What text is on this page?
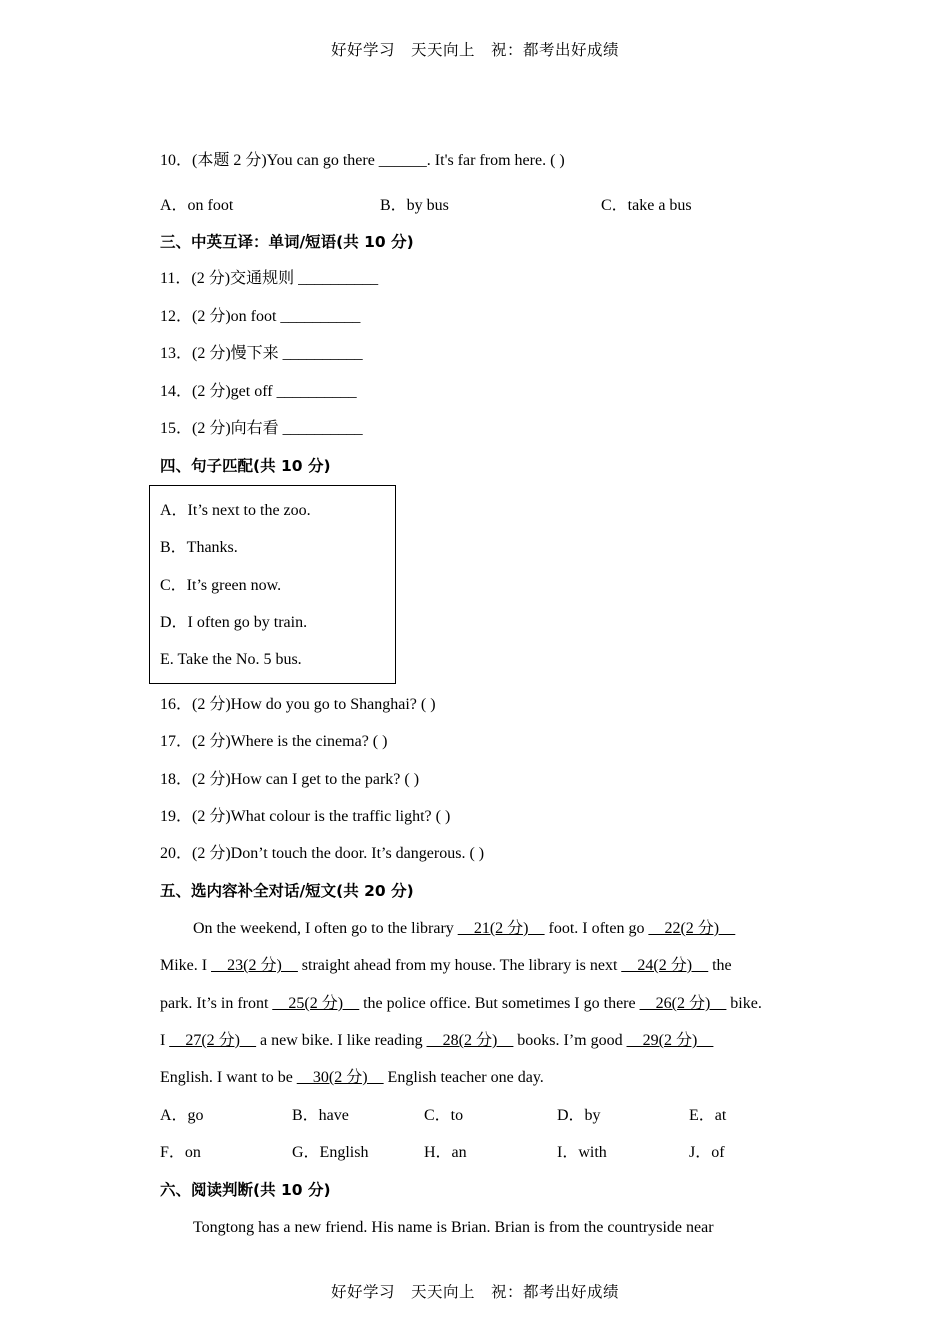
好好学习　天天向上　祝：都考出好成绩
10．(本题 2 分)You can go there ______. It's far from here. ( )
A．on foot	B．by bus	C．take a bus
三、中英互译：单词/短语(共 10 分)
11．(2 分)交通规则 __________
12．(2 分)on foot __________
13．(2 分)慢下来 __________
14．(2 分)get off __________
15．(2 分)向右看 __________
四、句子匹配(共 10 分)
A．It’s next to the zoo.
B．Thanks.
C．It’s green now.
D．I often go by train.
E. Take the No. 5 bus.
16．(2 分)How do you go to Shanghai? ( )
17．(2 分)Where is the cinema? ( )
18．(2 分)How can I get to the park? ( )
19．(2 分)What colour is the traffic light? ( )
20．(2 分)Don’t touch the door. It’s dangerous. ( )
五、选内容补全对话/短文(共 20 分)
On the weekend, I often go to the library __21(2 分)__ foot. I often go __22(2 分)__
Mike. I __23(2 分)__ straight ahead from my house. The library is next __24(2 分)__ the
park. It’s in front __25(2 分)__ the police office. But sometimes I go there __26(2 分)__ bike.
I __27(2 分)__ a new bike. I like reading __28(2 分)__ books. I’m good __29(2 分)__
English. I want to be __30(2 分)__ English teacher one day.
A．go	B．have	C．to	D．by	E．at
F．on	G．English	H．an	I．with	J．of
六、阅读判断(共 10 分)
Tongtong has a new friend. His name is Brian. Brian is from the countryside near
好好学习　天天向上　祝：都考出好成绩
